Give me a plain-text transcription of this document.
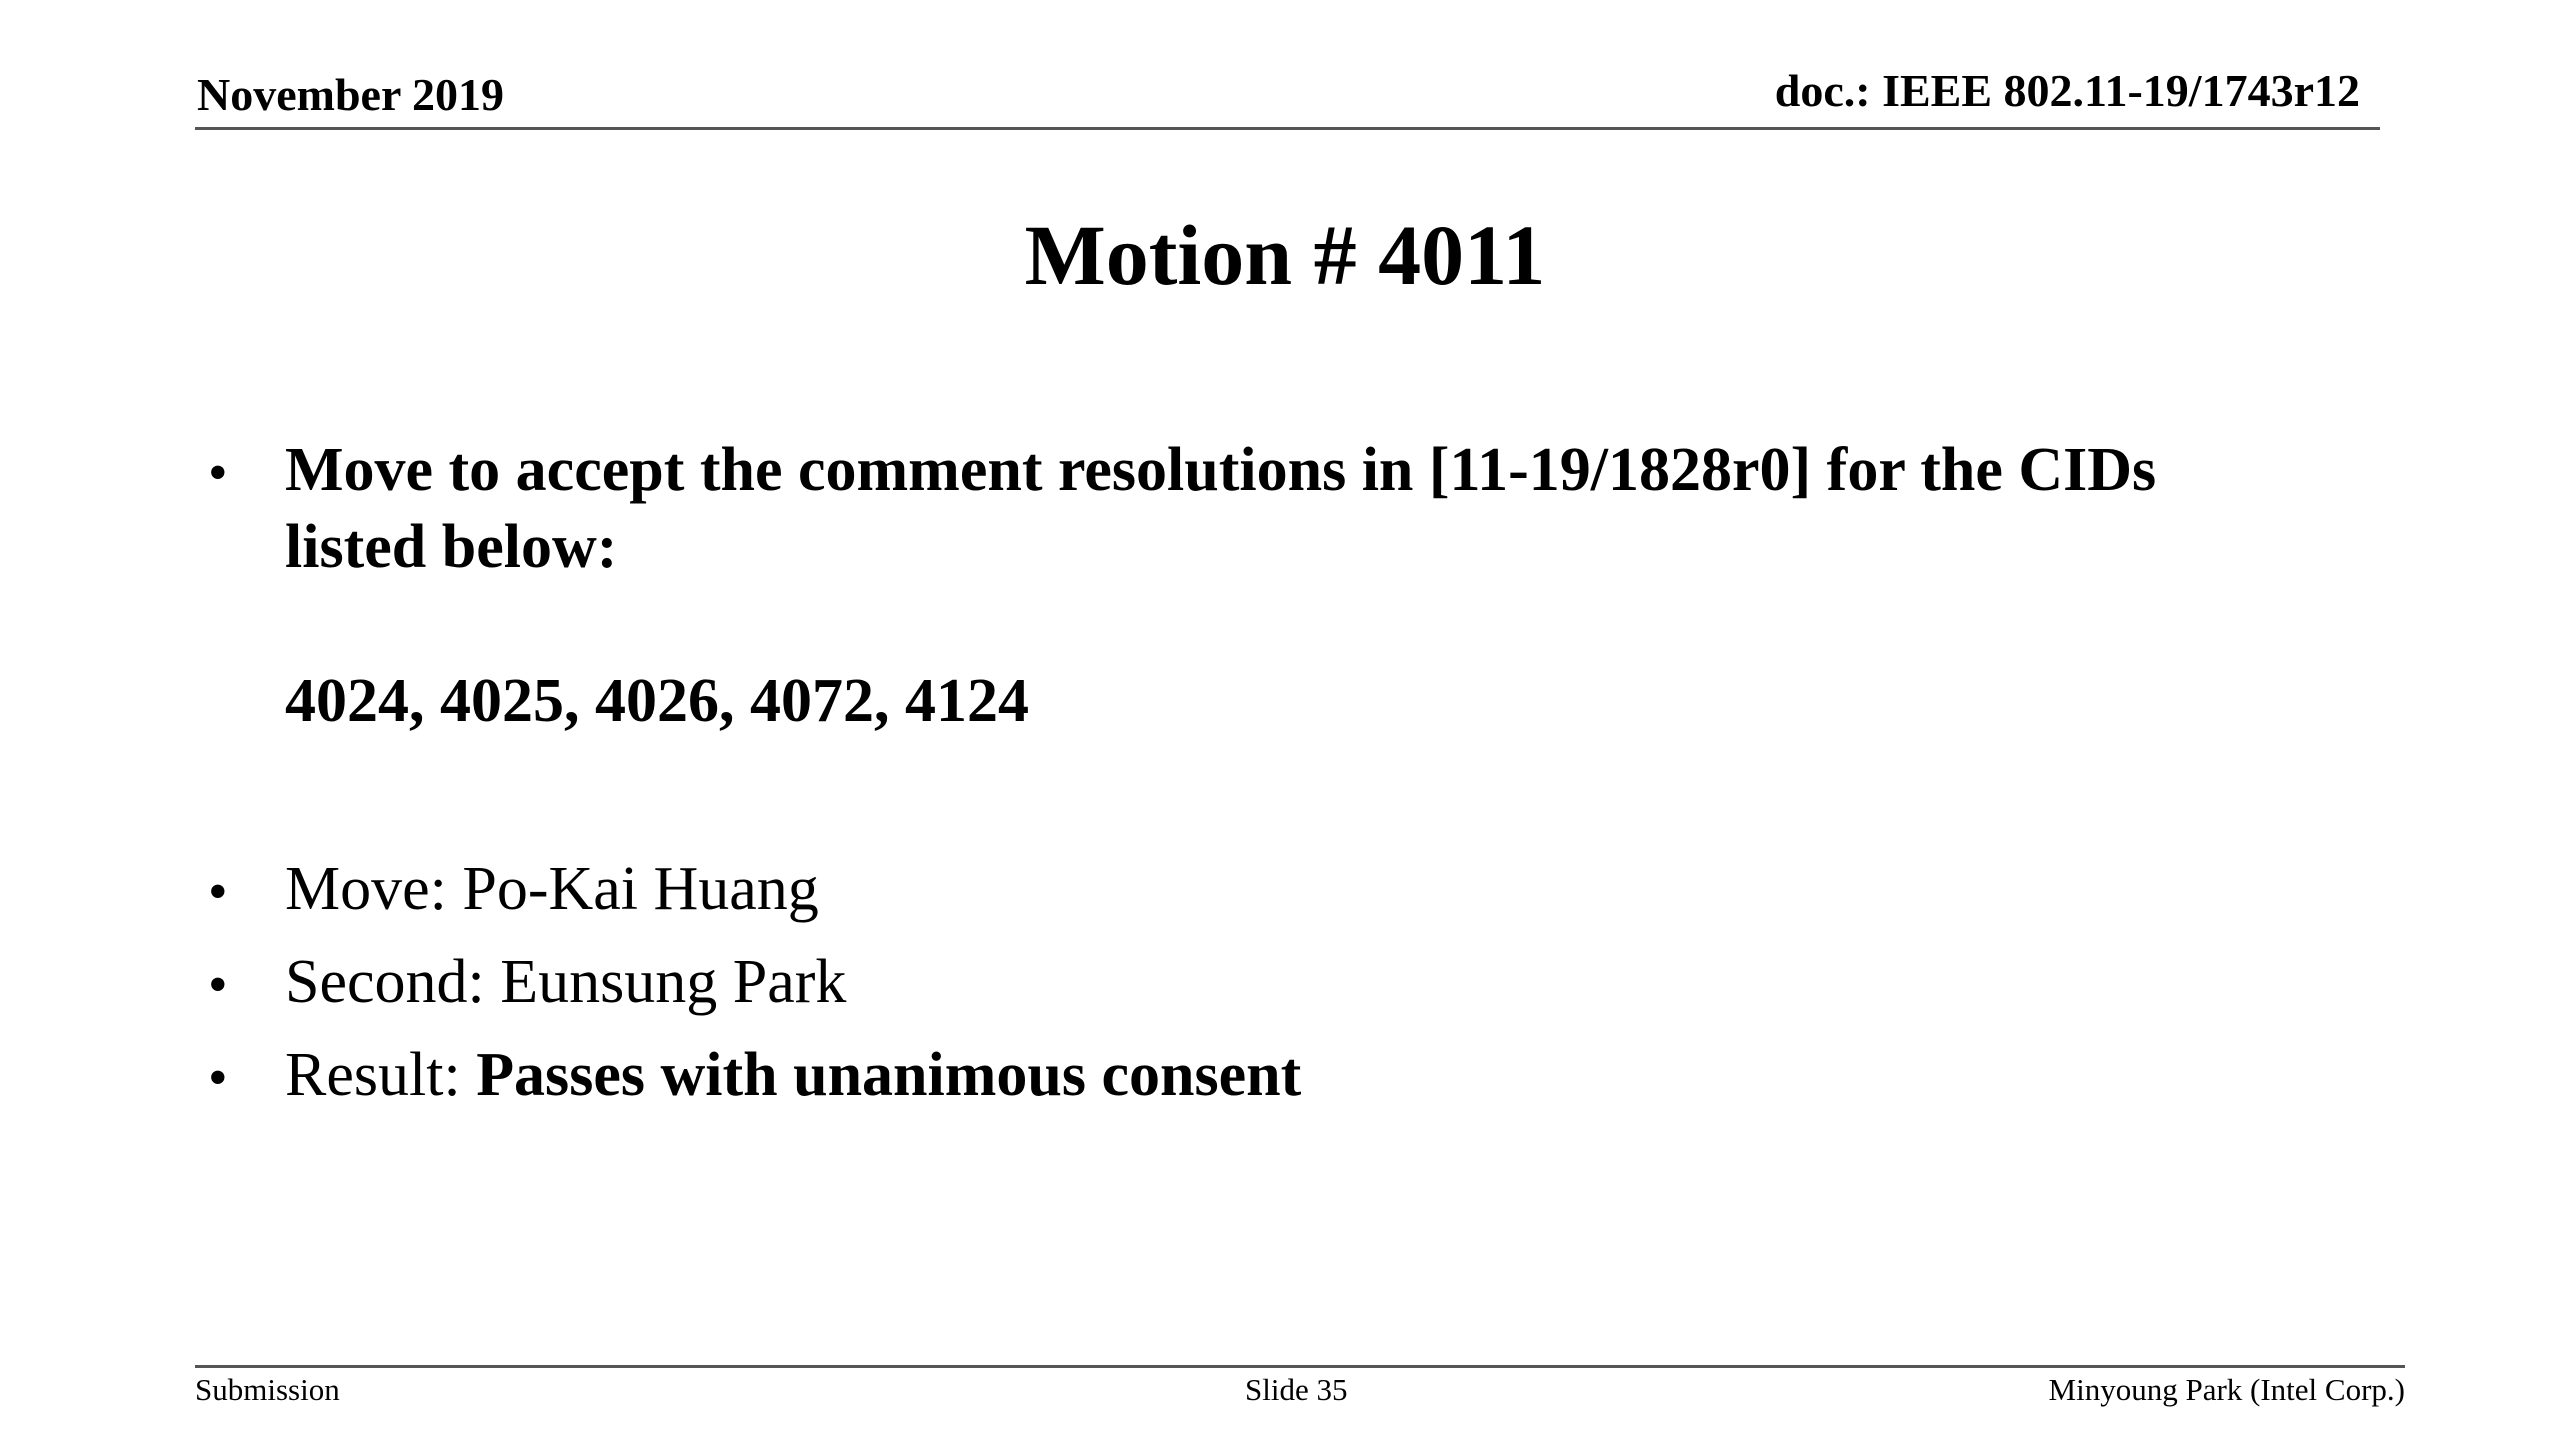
November 2019	doc.: IEEE 802.11-19/1743r12
Motion # 4011
• Move to accept the comment resolutions in [11-19/1828r0] for the CIDs
listed below:
4024, 4025, 4026, 4072, 4124
• Move: Po-Kai Huang
• Second: Eunsung Park
• Result: Passes with unanimous consent
Submission	Slide 35	Minyoung Park (Intel Corp.)
